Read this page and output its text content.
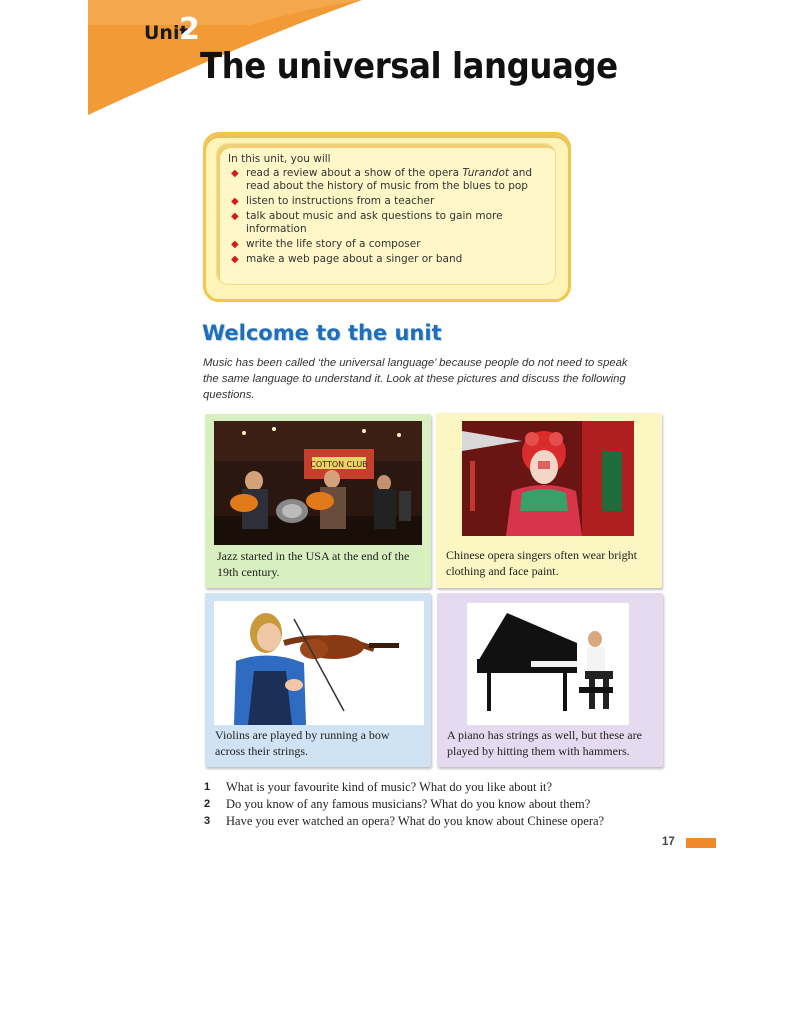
Unit
2
The universal language
In this unit, you will
◆ read a review about a show of the opera Turandot and read about the history of music from the blues to pop
◆ listen to instructions from a teacher
◆ talk about music and ask questions to gain more information
◆ write the life story of a composer
◆ make a web page about a singer or band
Welcome to the unit

Music has been called ‘the universal language’ because people do not need to speak the same language to understand it. Look at these pictures and discuss the following questions.

COTTON CLUB
Jazz started in the USA at the end of the 19th century.
Chinese opera singers often wear bright clothing and face paint.
Violins are played by running a bow across their strings.
A piano has strings as well, but these are played by hitting them with hammers.
1 What is your favourite kind of music? What do you like about it?
2 Do you know of any famous musicians? What do you know about them?
3 Have you ever watched an opera? What do you know about Chinese opera?
17
